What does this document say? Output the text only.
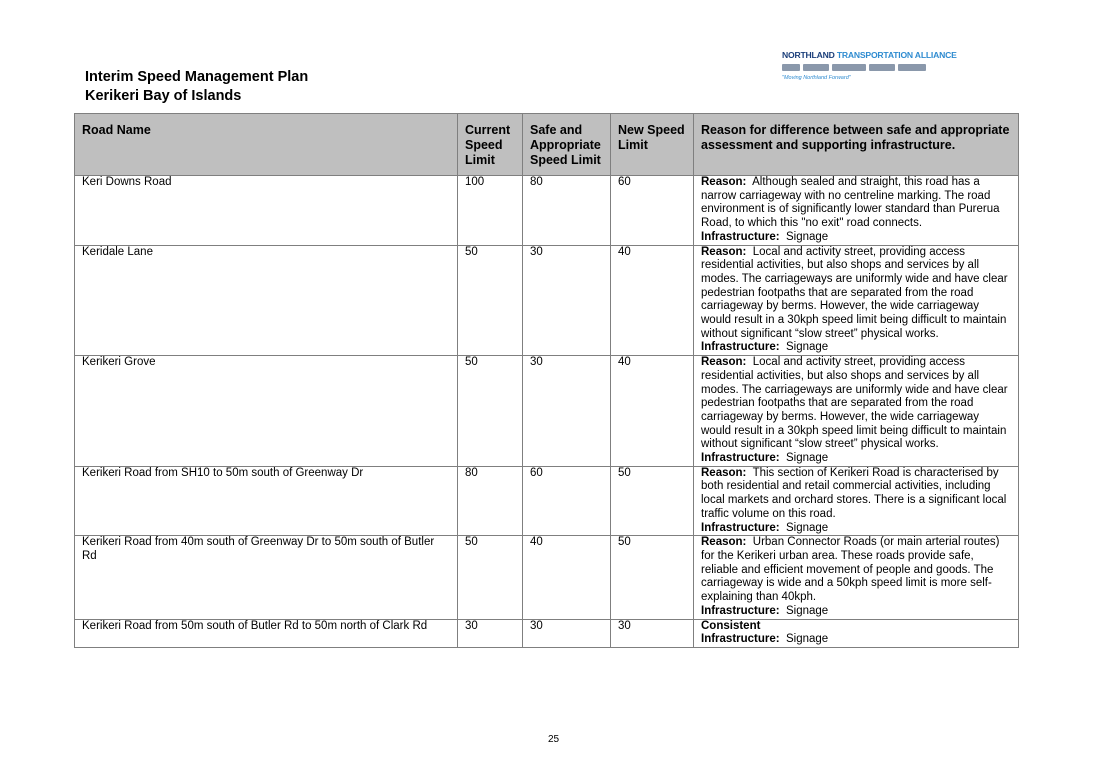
Interim Speed Management Plan
Kerikeri Bay of Islands
NORTHLAND TRANSPORTATION ALLIANCE
"Moving Northland Forward"
Road Name	Current Speed Limit	Safe and Appropriate Speed Limit	New Speed Limit	Reason for difference between safe and appropriate assessment and supporting infrastructure.
Keri Downs Road	100	80	60	Reason: Although sealed and straight, this road has a narrow carriageway with no centreline marking. The road environment is of significantly lower standard than Purerua Road, to which this "no exit" road connects.
Infrastructure: Signage
Keridale Lane	50	30	40	Reason: Local and activity street, providing access residential activities, but also shops and services by all modes. The carriageways are uniformly wide and have clear pedestrian footpaths that are separated from the road carriageway by berms. However, the wide carriageway would result in a 30kph speed limit being difficult to maintain without significant “slow street” physical works.
Infrastructure: Signage
Kerikeri Grove	50	30	40	Reason: Local and activity street, providing access residential activities, but also shops and services by all modes. The carriageways are uniformly wide and have clear pedestrian footpaths that are separated from the road carriageway by berms. However, the wide carriageway would result in a 30kph speed limit being difficult to maintain without significant “slow street” physical works.
Infrastructure: Signage
Kerikeri Road from SH10 to 50m south of Greenway Dr	80	60	50	Reason: This section of Kerikeri Road is characterised by both residential and retail commercial activities, including local markets and orchard stores. There is a significant local traffic volume on this road.
Infrastructure: Signage
Kerikeri Road from 40m south of Greenway Dr to 50m south of Butler Rd	50	40	50	Reason: Urban Connector Roads (or main arterial routes) for the Kerikeri urban area. These roads provide safe, reliable and efficient movement of people and goods. The carriageway is wide and a 50kph speed limit is more self-explaining than 40kph.
Infrastructure: Signage
Kerikeri Road from 50m south of Butler Rd to 50m north of Clark Rd	30	30	30	Consistent
Infrastructure: Signage
25
